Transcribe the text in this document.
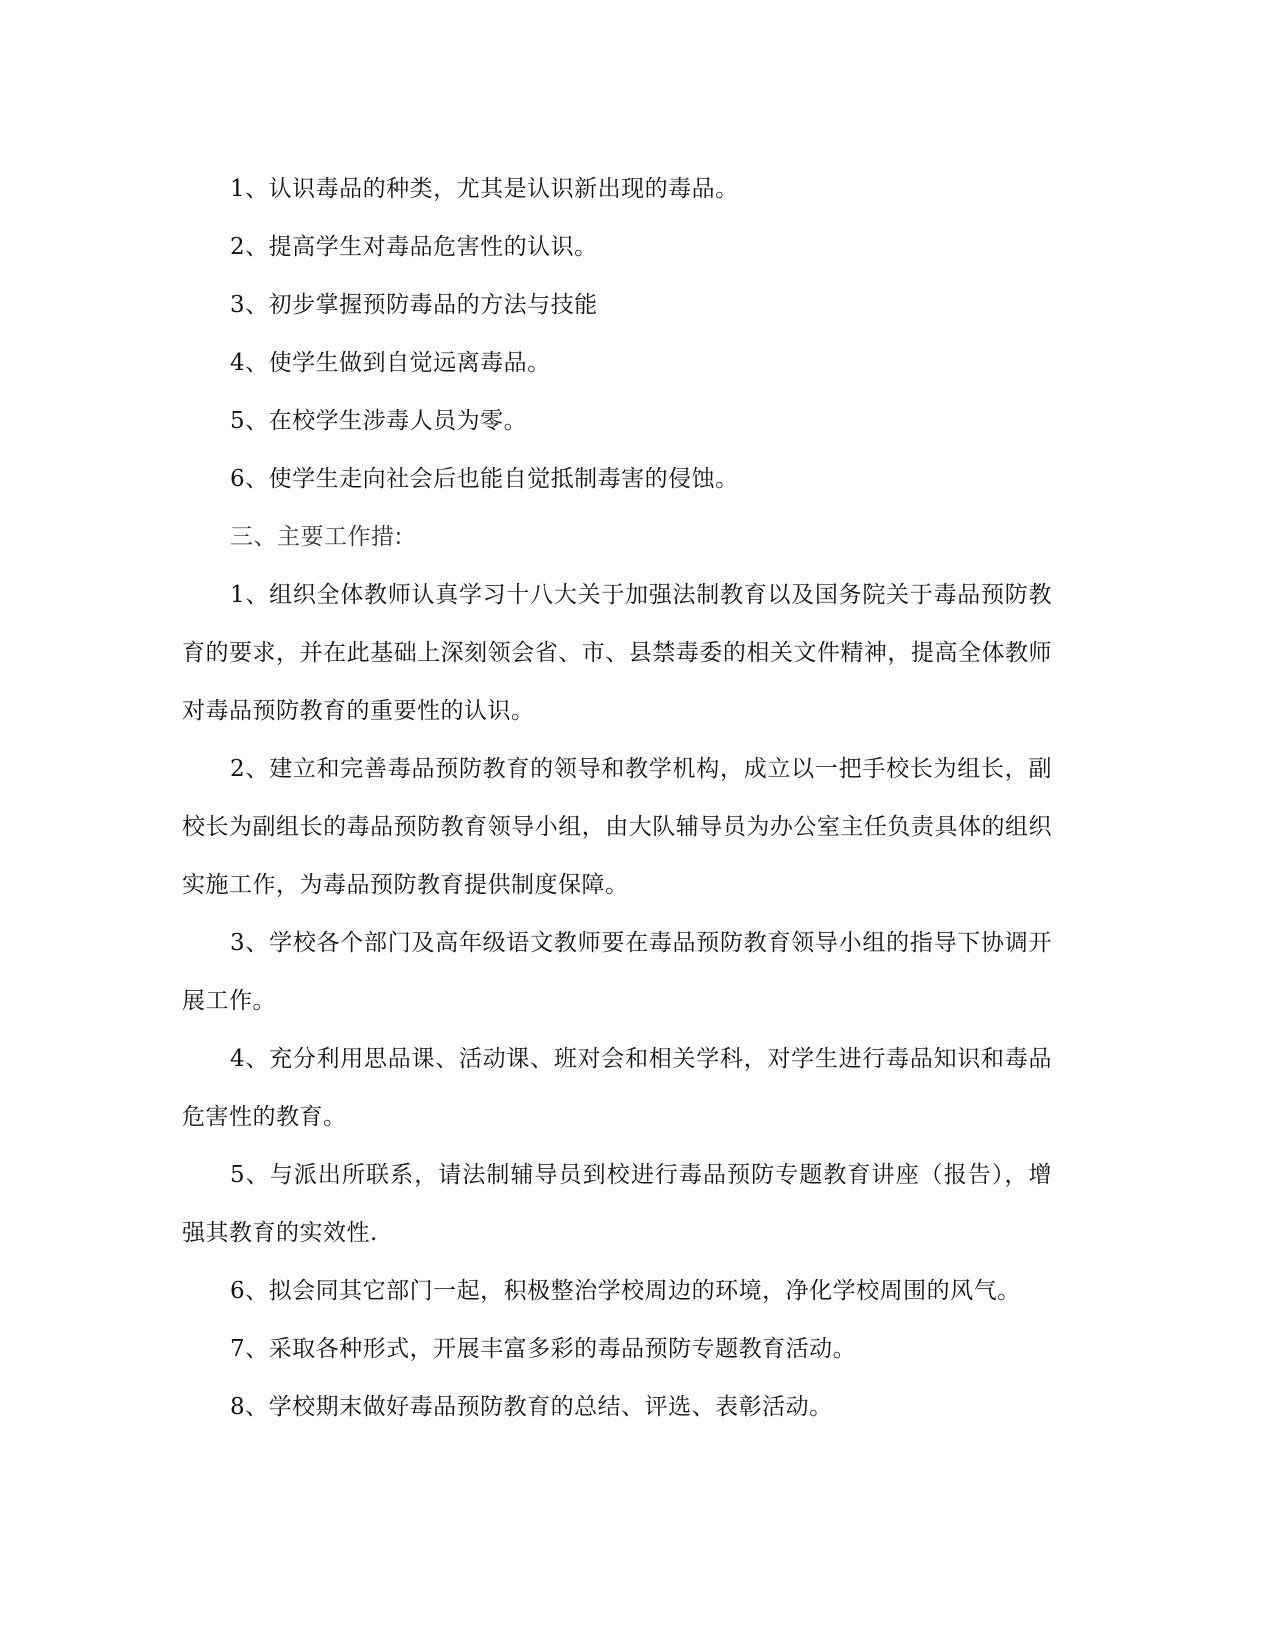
1、认识毒品的种类，尤其是认识新出现的毒品。

2、提高学生对毒品危害性的认识。

3、初步掌握预防毒品的方法与技能

4、使学生做到自觉远离毒品。

5、在校学生涉毒人员为零。

6、使学生走向社会后也能自觉抵制毒害的侵蚀。

三、主要工作措:

1、组织全体教师认真学习十八大关于加强法制教育以及国务院关于毒品预防教育的要求，并在此基础上深刻领会省、市、县禁毒委的相关文件精神，提高全体教师对毒品预防教育的重要性的认识。

2、建立和完善毒品预防教育的领导和教学机构，成立以一把手校长为组长，副校长为副组长的毒品预防教育领导小组，由大队辅导员为办公室主任负责具体的组织实施工作，为毒品预防教育提供制度保障。

3、学校各个部门及高年级语文教师要在毒品预防教育领导小组的指导下协调开展工作。

4、充分利用思品课、活动课、班对会和相关学科，对学生进行毒品知识和毒品危害性的教育。

5、与派出所联系，请法制辅导员到校进行毒品预防专题教育讲座（报告），增强其教育的实效性.

6、拟会同其它部门一起，积极整治学校周边的环境，净化学校周围的风气。

7、采取各种形式，开展丰富多彩的毒品预防专题教育活动。

8、学校期末做好毒品预防教育的总结、评选、表彰活动。
